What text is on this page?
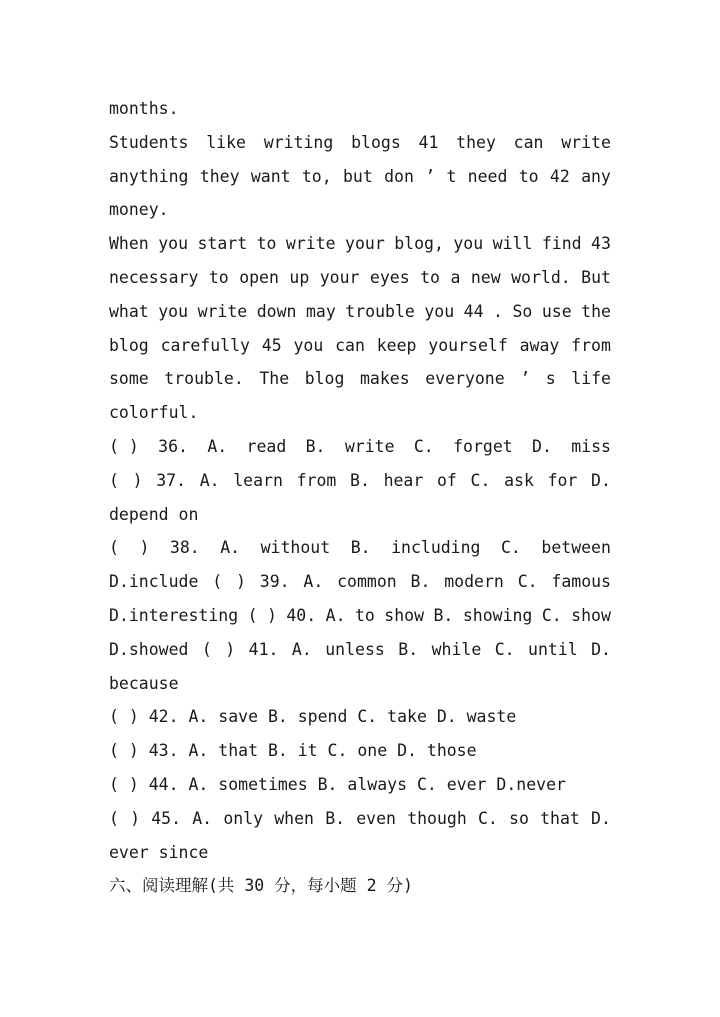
months.
Students like writing blogs 41 they can write
anything they want to, but don ’ t need to 42 any
money.
When you start to write your blog, you will find 43
necessary to open up your eyes to a new world. But
what you write down may trouble you 44 . So use the
blog carefully 45 you can keep yourself away from
some trouble. The blog makes everyone ’ s life
colorful.
( ) 36. A. read B. write C. forget D. miss
( ) 37. A. learn from B. hear of C. ask for D.
depend on
( ) 38. A. without B. including C. between
D.include ( ) 39. A. common B. modern C. famous
D.interesting ( ) 40. A. to show B. showing C. show
D.showed ( ) 41. A. unless B. while C. until D.
because
( ) 42. A. save B. spend C. take D. waste
( ) 43. A. that B. it C. one D. those
( ) 44. A. sometimes B. always C. ever D.never
( ) 45. A. only when B. even though C. so that D.
ever since
六、阅读理解(共 30 分，每小题 2 分)
